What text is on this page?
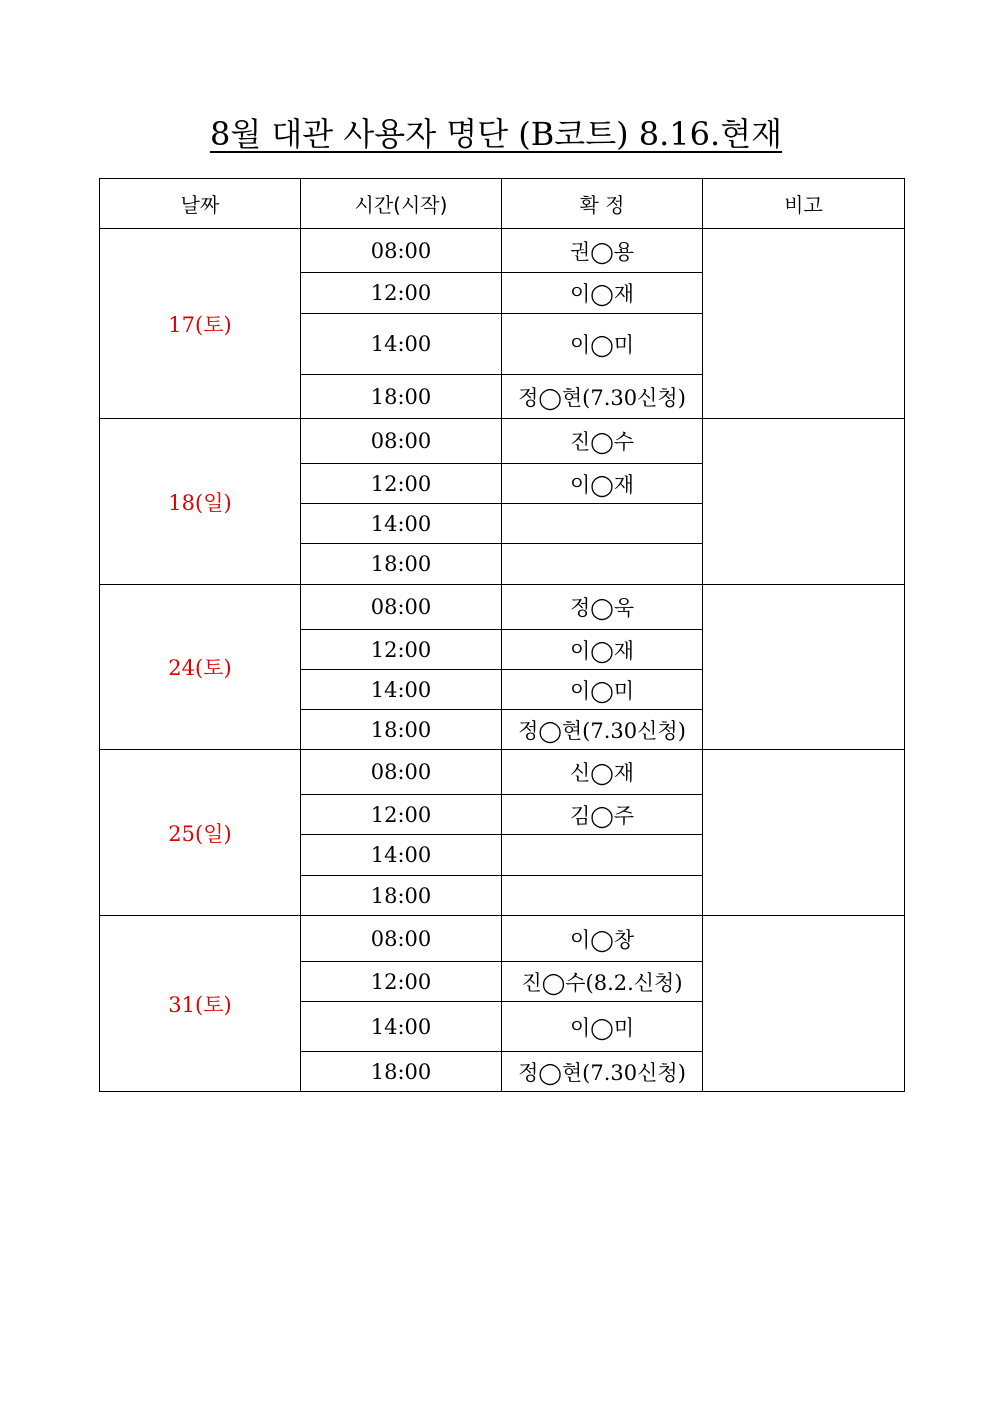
8월 대관 사용자 명단 (B코트) 8.16.현재
날짜	시간(시작)	확 정	비고
17(토)	08:00	권◯용	
	12:00	이◯재	
	14:00	이◯미	
	18:00	정◯현(7.30신청)	
18(일)	08:00	진◯수	
	12:00	이◯재	
	14:00		
	18:00		
24(토)	08:00	정◯욱	
	12:00	이◯재	
	14:00	이◯미	
	18:00	정◯현(7.30신청)	
25(일)	08:00	신◯재	
	12:00	김◯주	
	14:00		
	18:00		
31(토)	08:00	이◯창	
	12:00	진◯수(8.2.신청)	
	14:00	이◯미	
	18:00	정◯현(7.30신청)	
